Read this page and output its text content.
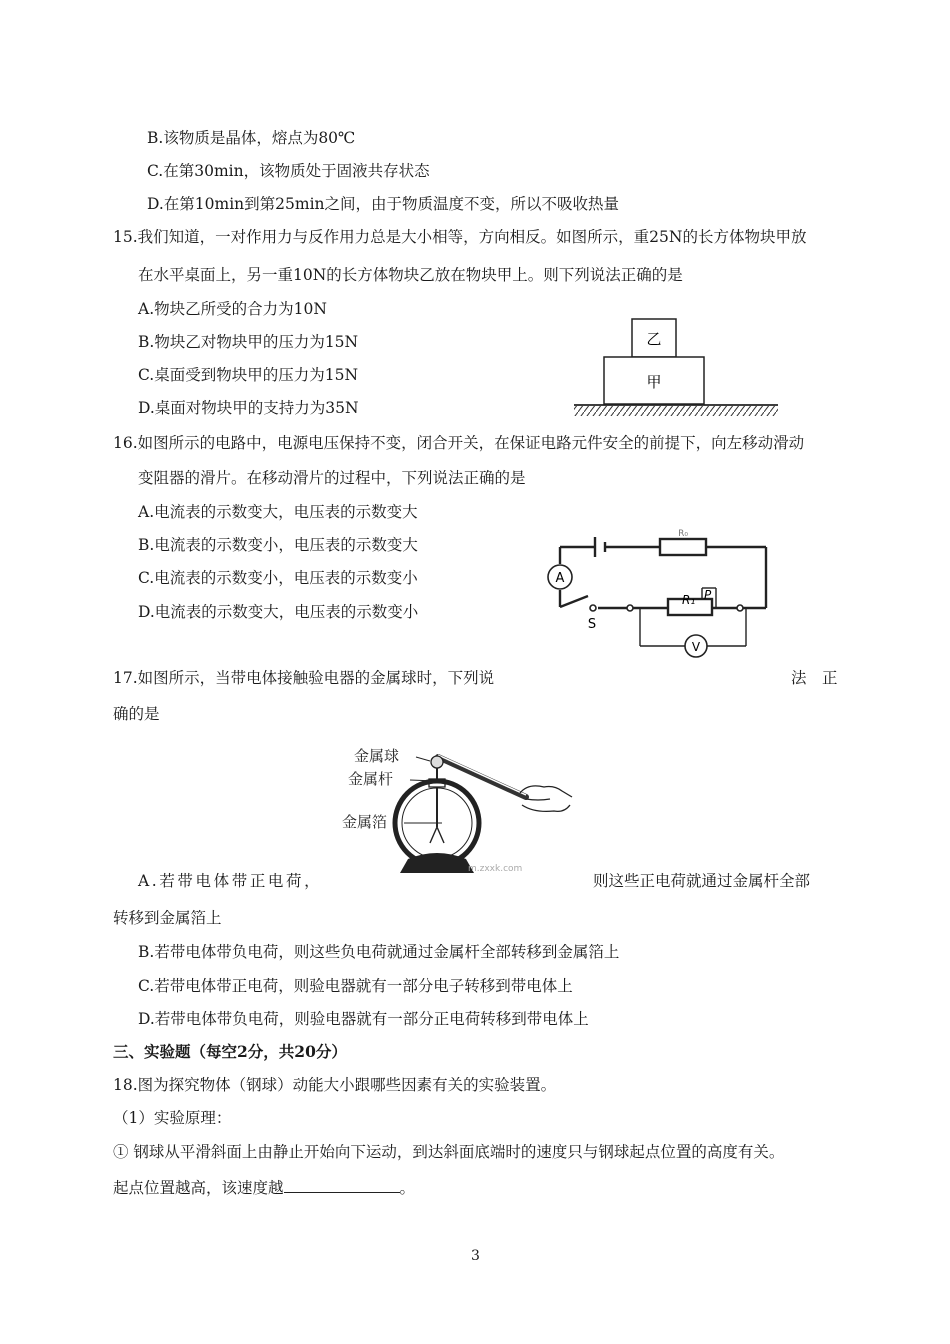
B.该物质是晶体，熔点为80℃
C.在第30min，该物质处于固液共存状态
D.在第10min到第25min之间，由于物质温度不变，所以不吸收热量
15.我们知道，一对作用力与反作用力总是大小相等，方向相反。如图所示，重25N的长方体物块甲放
在水平桌面上，另一重10N的长方体物块乙放在物块甲上。则下列说法正确的是
A.物块乙所受的合力为10N
B.物块乙对物块甲的压力为15N
C.桌面受到物块甲的压力为15N
D.桌面对物块甲的支持力为35N
乙
甲
16.如图所示的电路中，电源电压保持不变，闭合开关，在保证电路元件安全的前提下，向左移动滑动
变阻器的滑片。在移动滑片的过程中，下列说法正确的是
A.电流表的示数变大，电压表的示数变大
B.电流表的示数变小，电压表的示数变大
C.电流表的示数变小，电压表的示数变小
D.电流表的示数变大，电压表的示数变小
A
V
S
R₀
R₁ P
17.如图所示，当带电体接触验电器的金属球时，下列说	法　正
确的是
金属球
金属杆
金属箔
m.zxxk.com
A.若带电体带正电荷，	则这些正电荷就通过金属杆全部
转移到金属箔上
B.若带电体带负电荷，则这些负电荷就通过金属杆全部转移到金属箔上
C.若带电体带正电荷，则验电器就有一部分电子转移到带电体上
D.若带电体带负电荷，则验电器就有一部分正电荷转移到带电体上
三、实验题（每空2分，共20分）
18.图为探究物体（钢球）动能大小跟哪些因素有关的实验装置。
（1）实验原理：
① 钢球从平滑斜面上由静止开始向下运动，到达斜面底端时的速度只与钢球起点位置的高度有关。
起点位置越高，该速度越	。
3
